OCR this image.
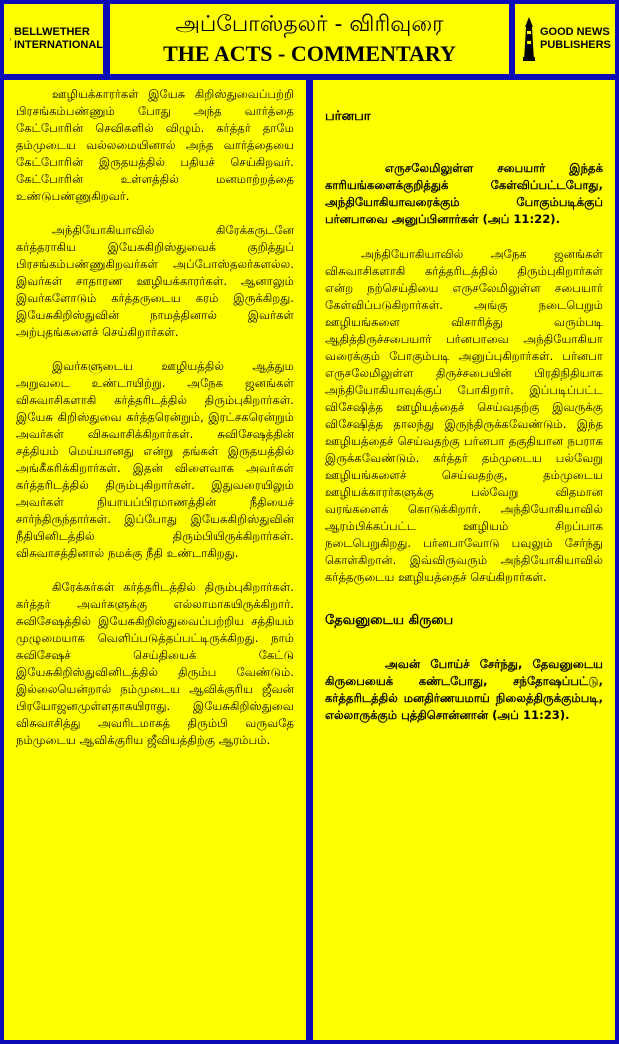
BELLWETHER
INTERNATIONAL
அப்போஸ்தலர் - விரிவுரை
THE ACTS - COMMENTARY
GOOD NEWS
PUBLISHERS

ஊழியக்காரர்கள் இயேசு கிறிஸ்துவைப்பற்றி பிரசங்கம்பண்ணும் போது அந்த வார்த்தை கேட்போரின் செவிகளில் விழும். கர்த்தர் தாமே தம்முடைய வல்லமையினால் அந்த வார்த்தையை கேட்போரின் இருதயத்தில் பதியச் செய்கிறவர். கேட்போரின் உள்ளத்தில் மனமாற்றத்தை உண்டுபண்ணுகிறவர்.

அந்தியோகியாவில் கிரேக்கருடனே கர்த்தராகிய இயேசுகிறிஸ்துவைக் குறித்துப் பிரசங்கம்பண்ணுகிறவர்கள் அப்போஸ்தலர்களல்ல. இவர்கள் சாதாரண ஊழியக்காரர்கள். ஆனாலும் இவர்களோடும் கர்த்தருடைய கரம் இருக்கிறது. இயேசுகிறிஸ்துவின் நாமத்தினால் இவர்கள் அற்புதங்களைச் செய்கிறார்கள்.

இவர்களுடைய ஊழியத்தில் ஆத்தும அறுவடை உண்டாயிற்று. அநேக ஜனங்கள் விசுவாசிகளாகி கர்த்தரிடத்தில் திரும்புகிறார்கள். இயேசு கிறிஸ்துவை கர்த்தரென்றும், இரட்சகரென்றும் அவர்கள் விசுவாசிக்கிறார்கள். சுவிசேஷத்தின் சத்தியம் மெய்யானது என்று தங்கள் இருதயத்தில் அங்கீகரிக்கிறார்கள். இதன் விளைவாக அவர்கள் கர்த்தரிடத்தில் திரும்புகிறார்கள். இதுவரையிலும் அவர்கள் நியாயப்பிரமாணத்தின் நீதியைச் சார்ந்திருந்தார்கள். இப்போது இயேசுகிறிஸ்துவின் நீதியினிடத்தில் திரும்பியிருக்கிறார்கள். விசுவாசத்தினால் நமக்கு நீதி உண்டாகிறது.

கிரேக்கர்கள் கர்த்தரிடத்தில் திரும்புகிறார்கள். கர்த்தர் அவர்களுக்கு எல்லாமாகயிருக்கிறார். சுவிசேஷத்தில் இயேசுகிறிஸ்துவைப்பற்றிய சத்தியம் முழுமையாக வெளிப்படுத்தப்பட்டிருக்கிறது. நாம் சுவிசேஷச் செய்தியைக் கேட்டு இயேசுகிறிஸ்துவினிடத்தில் திரும்ப வேண்டும். இல்லையென்றால் நம்முடைய ஆவிக்குரிய ஜீவன் பிரயோஜனமுள்ளதாகயிராது. இயேசுகிறிஸ்துவை விசுவாசித்து அவரிடமாகத் திரும்பி வருவதே நம்முடைய ஆவிக்குரிய ஜீவியத்திற்கு ஆரம்பம்.

பர்னபா

எருசலேமிலுள்ள சபையார் இந்தக் காரியங்களைக்குறித்துக் கேள்விப்பட்டபோது, அந்தியோகியாவரைக்கும் போகும்படிக்குப் பர்னபாவை அனுப்பினார்கள் (அப் 11:22).

அந்தியோகியாவில் அநேக ஜனங்கள் விசுவாசிகளாகி கர்த்தரிடத்தில் திரும்புகிறார்கள் என்ற நற்செய்தியை எருசலேமிலுள்ள சபையார் கேள்விப்படுகிறார்கள். அங்கு நடைபெறும் ஊழியங்களை விசாரித்து வரும்படி ஆதித்திருச்சபையார் பர்னபாவை அந்தியோகியா வரைக்கும் போகும்படி அனுப்புகிறார்கள். பர்னபா எருசலேமிலுள்ள திருச்சபையின் பிரதிநிதியாக அந்தியோகியாவுக்குப் போகிறார். இப்படிப்பட்ட விசேஷித்த ஊழியத்தைச் செய்வதற்கு இவருக்கு விசேஷித்த தாலந்து இருந்திருக்கவேண்டும். இந்த ஊழியத்தைச் செய்வதற்கு பர்னபா தகுதியான நபராக இருக்கவேண்டும். கர்த்தர் தம்முடைய பல்வேறு ஊழியங்களைச் செய்வதற்கு, தம்முடைய ஊழியக்காரர்களுக்கு பல்வேறு விதமான வரங்களைக் கொடுக்கிறார். அந்தியோகியாவில் ஆரம்பிக்கப்பட்ட ஊழியம் சிறப்பாக நடைபெறுகிறது. பர்னபாவோடு பவுலும் சேர்ந்து கொள்கிறான். இவ்விருவரும் அந்தியோகியாவில் கர்த்தருடைய ஊழியத்தைச் செய்கிறார்கள்.

தேவனுடைய கிருபை

அவன் போய்ச் சேர்ந்து, தேவனுடைய கிருபையைக் கண்டபோது, சந்தோஷப்பட்டு, கர்த்தரிடத்தில் மனதிர்ணயமாய் நிலைத்திருக்கும்படி, எல்லாருக்கும் புத்திசொன்னான் (அப் 11:23).
